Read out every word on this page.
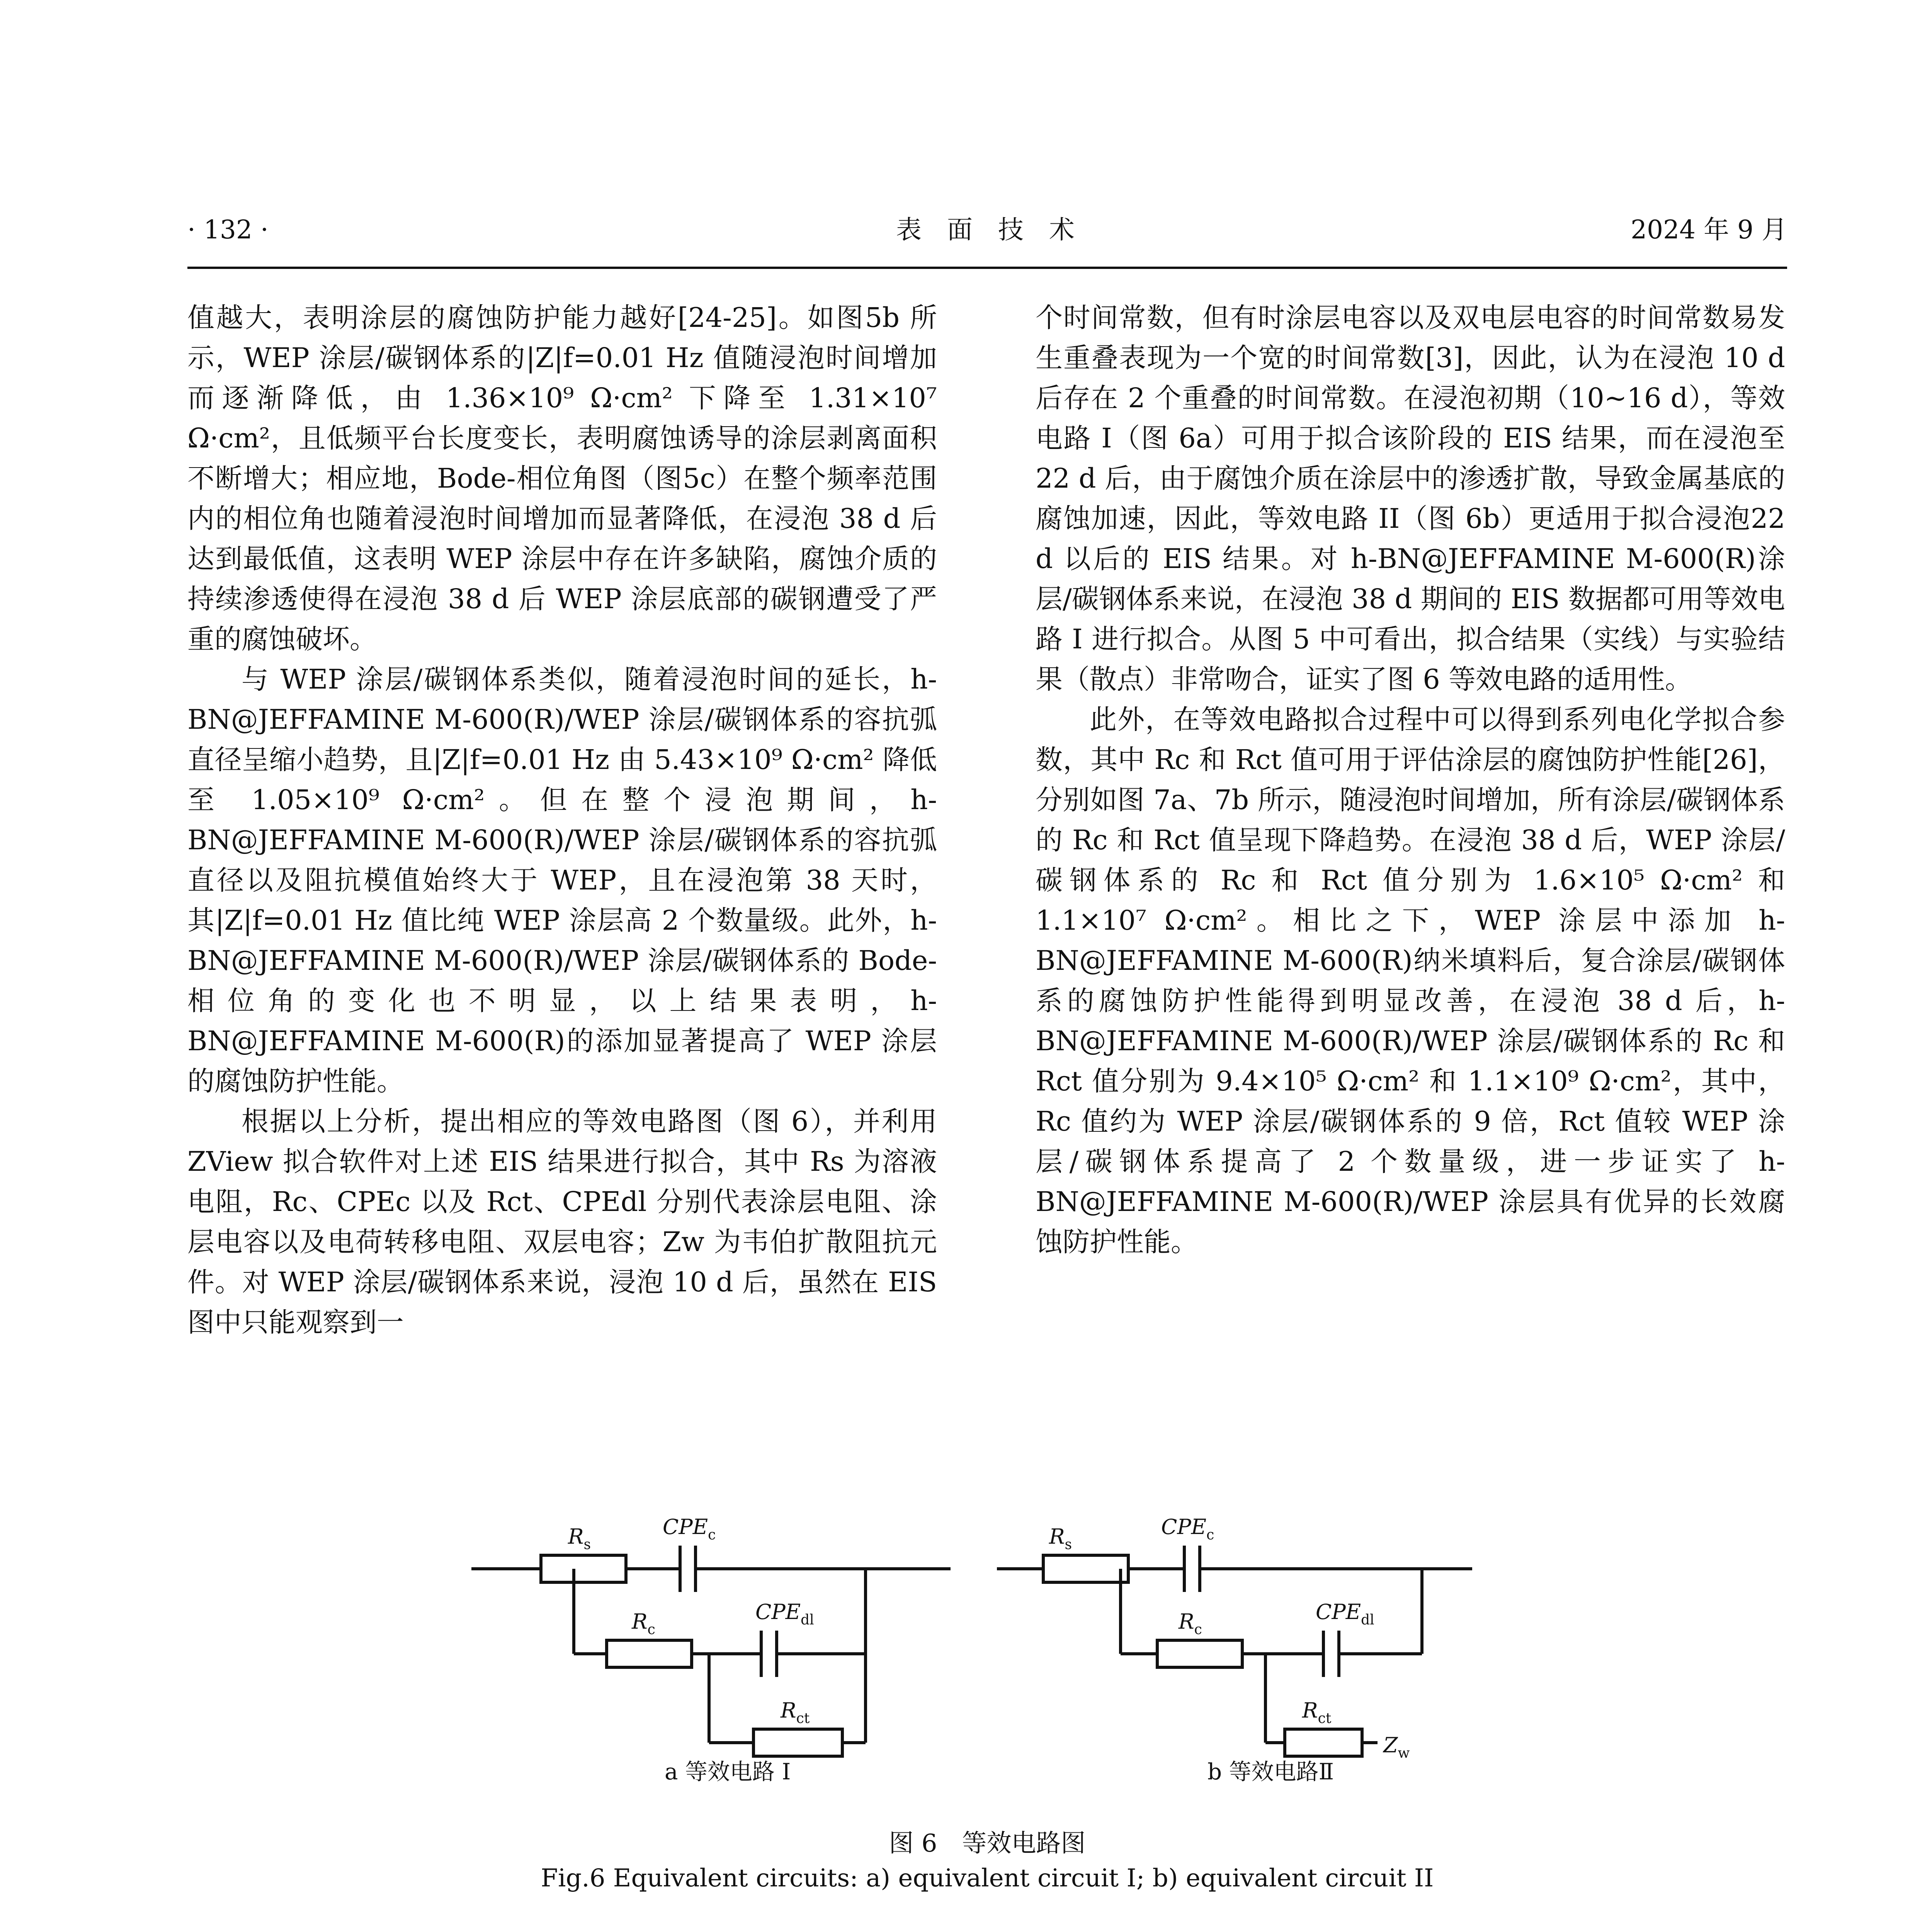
· 132 ·	表　面　技　术	2024 年 9 月

值越大，表明涂层的腐蚀防护能力越好[24-25]。如图5b 所示，WEP 涂层/碳钢体系的|Z|f=0.01 Hz 值随浸泡时间增加而逐渐降低，由 1.36×10⁹ Ω·cm² 下降至 1.31×10⁷ Ω·cm²，且低频平台长度变长，表明腐蚀诱导的涂层剥离面积不断增大；相应地，Bode-相位角图（图5c）在整个频率范围内的相位角也随着浸泡时间增加而显著降低，在浸泡 38 d 后达到最低值，这表明 WEP 涂层中存在许多缺陷，腐蚀介质的持续渗透使得在浸泡 38 d 后 WEP 涂层底部的碳钢遭受了严重的腐蚀破坏。

与 WEP 涂层/碳钢体系类似，随着浸泡时间的延长，h-BN@JEFFAMINE M-600(R)/WEP 涂层/碳钢体系的容抗弧直径呈缩小趋势，且|Z|f=0.01 Hz 由 5.43×10⁹ Ω·cm² 降低至 1.05×10⁹ Ω·cm²。但在整个浸泡期间，h-BN@JEFFAMINE M-600(R)/WEP 涂层/碳钢体系的容抗弧直径以及阻抗模值始终大于 WEP，且在浸泡第 38 天时，其|Z|f=0.01 Hz 值比纯 WEP 涂层高 2 个数量级。此外，h-BN@JEFFAMINE M-600(R)/WEP 涂层/碳钢体系的 Bode-相位角的变化也不明显，以上结果表明，h-BN@JEFFAMINE M-600(R)的添加显著提高了 WEP 涂层的腐蚀防护性能。

根据以上分析，提出相应的等效电路图（图 6），并利用 ZView 拟合软件对上述 EIS 结果进行拟合，其中 Rs 为溶液电阻，Rc、CPEc 以及 Rct、CPEdl 分别代表涂层电阻、涂层电容以及电荷转移电阻、双层电容；Zw 为韦伯扩散阻抗元件。对 WEP 涂层/碳钢体系来说，浸泡 10 d 后，虽然在 EIS 图中只能观察到一

个时间常数，但有时涂层电容以及双电层电容的时间常数易发生重叠表现为一个宽的时间常数[3]，因此，认为在浸泡 10 d 后存在 2 个重叠的时间常数。在浸泡初期（10~16 d），等效电路 I（图 6a）可用于拟合该阶段的 EIS 结果，而在浸泡至 22 d 后，由于腐蚀介质在涂层中的渗透扩散，导致金属基底的腐蚀加速，因此，等效电路 II（图 6b）更适用于拟合浸泡22 d 以后的 EIS 结果。对 h-BN@JEFFAMINE M-600(R)涂层/碳钢体系来说，在浸泡 38 d 期间的 EIS 数据都可用等效电路 I 进行拟合。从图 5 中可看出，拟合结果（实线）与实验结果（散点）非常吻合，证实了图 6 等效电路的适用性。

此外，在等效电路拟合过程中可以得到系列电化学拟合参数，其中 Rc 和 Rct 值可用于评估涂层的腐蚀防护性能[26]，分别如图 7a、7b 所示，随浸泡时间增加，所有涂层/碳钢体系的 Rc 和 Rct 值呈现下降趋势。在浸泡 38 d 后，WEP 涂层/碳钢体系的 Rc 和 Rct 值分别为 1.6×10⁵ Ω·cm² 和 1.1×10⁷ Ω·cm²。相比之下，WEP 涂层中添加 h-BN@JEFFAMINE M-600(R)纳米填料后，复合涂层/碳钢体系的腐蚀防护性能得到明显改善，在浸泡 38 d 后，h-BN@JEFFAMINE M-600(R)/WEP 涂层/碳钢体系的 Rc 和 Rct 值分别为 9.4×10⁵ Ω·cm² 和 1.1×10⁹ Ω·cm²，其中，Rc 值约为 WEP 涂层/碳钢体系的 9 倍，Rct 值较 WEP 涂层/碳钢体系提高了 2 个数量级，进一步证实了 h-BN@JEFFAMINE M-600(R)/WEP 涂层具有优异的长效腐蚀防护性能。

$R_s$
$CPE_c$
$R_c$
$CPE_{dl}$
$R_{ct}$
a 等效电路 I
$R_s$
$CPE_c$
$R_c$
$CPE_{dl}$
$R_{ct}$
$Z_w$
b 等效电路Ⅱ
图 6　等效电路图
Fig.6 Equivalent circuits: a) equivalent circuit I; b) equivalent circuit II
